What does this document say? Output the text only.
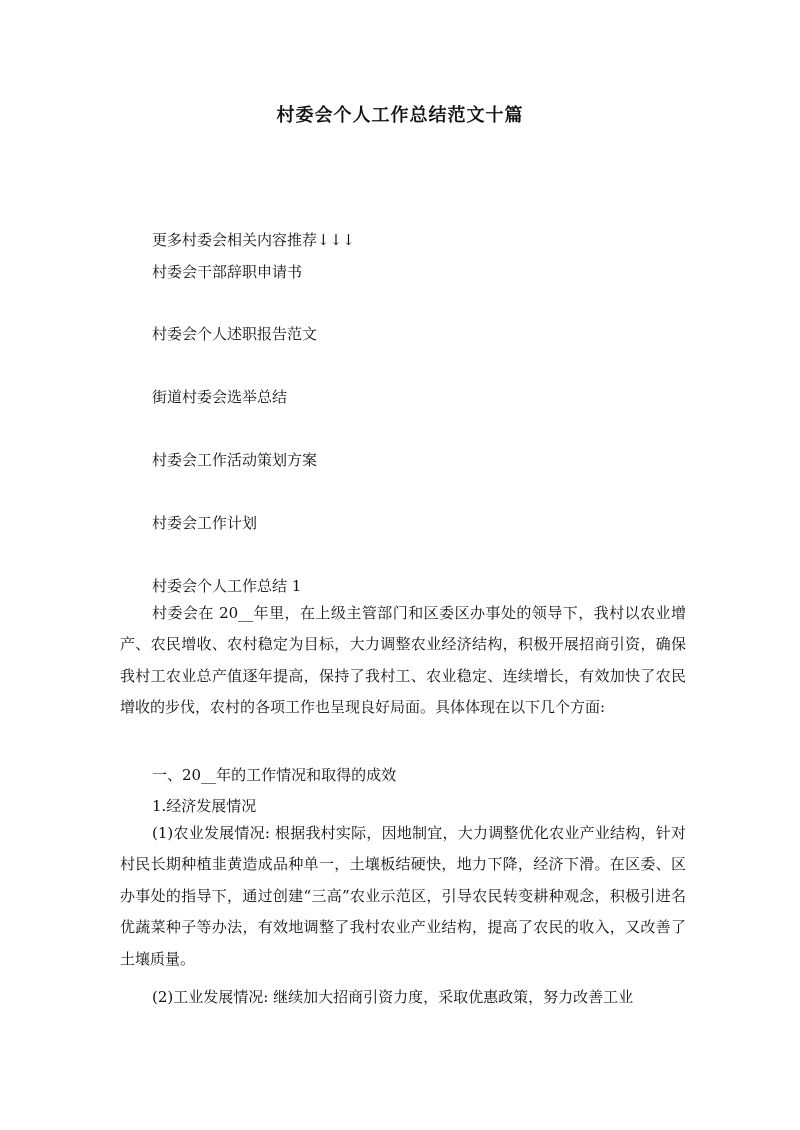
村委会个人工作总结范文十篇
更多村委会相关内容推荐↓↓↓
村委会干部辞职申请书
村委会个人述职报告范文
街道村委会选举总结
村委会工作活动策划方案
村委会工作计划
村委会个人工作总结 1

村委会在 20__年里，在上级主管部门和区委区办事处的领导下，我村以农业增产、农民增收、农村稳定为目标，大力调整农业经济结构，积极开展招商引资，确保我村工农业总产值逐年提高，保持了我村工、农业稳定、连续增长，有效加快了农民增收的步伐，农村的各项工作也呈现良好局面。具体体现在以下几个方面:

一、20__年的工作情况和取得的成效
1.经济发展情况

(1)农业发展情况: 根据我村实际，因地制宜，大力调整优化农业产业结构，针对村民长期种植韭黄造成品种单一，土壤板结硬快，地力下降，经济下滑。在区委、区办事处的指导下，通过创建“三高”农业示范区，引导农民转变耕种观念，积极引进名优蔬菜种子等办法，有效地调整了我村农业产业结构，提高了农民的收入，又改善了土壤质量。

(2)工业发展情况: 继续加大招商引资力度，采取优惠政策，努力改善工业
